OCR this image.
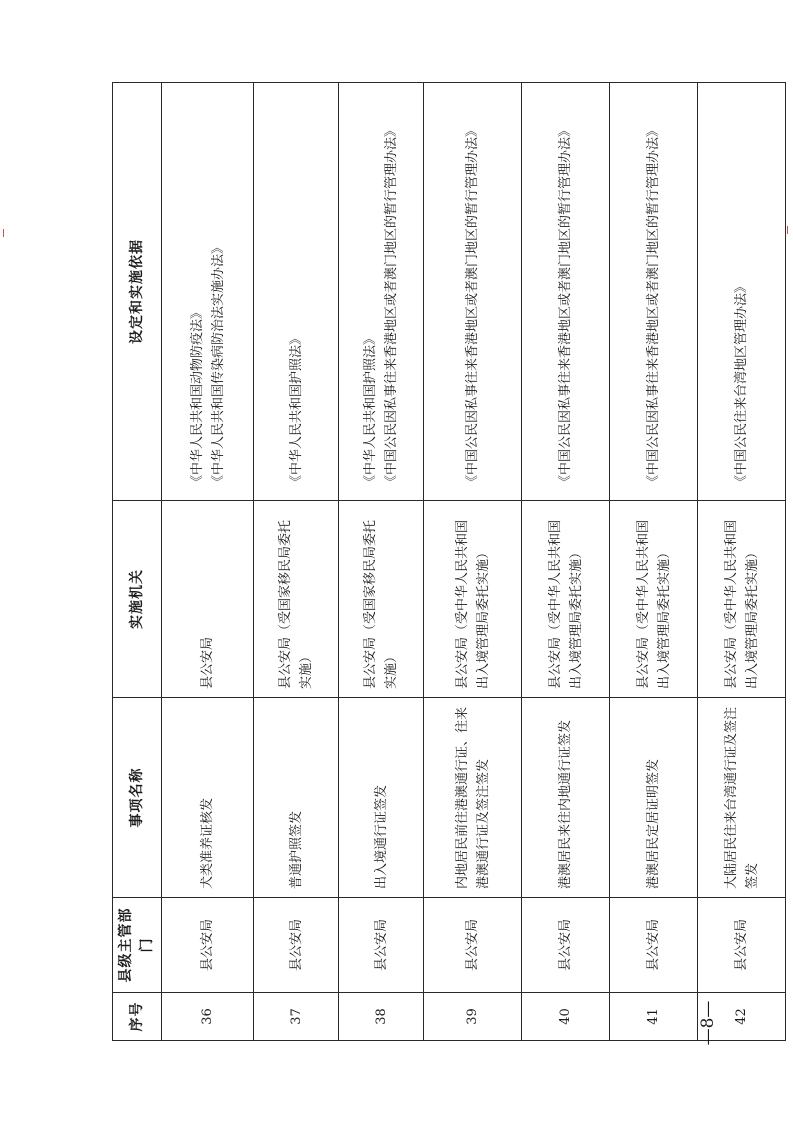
序号	县级主管部门	事项名称	实施机关	设定和实施依据
36	县公安局	犬类准养证核发	县公安局	《中华人民共和国动物防疫法》 《中华人民共和国传染病防治法实施办法》

37	县公安局	普通护照签发	县公安局（受国家移民局委托实施）	《中华人民共和国护照法》

38	县公安局	出入境通行证签发	县公安局（受国家移民局委托实施）	《中华人民共和国护照法》 《中国公民因私事往来香港地区或者澳门地区的暂行管理办法》

39	县公安局	内地居民前往港澳通行证、往来港澳通行证及签注签发	县公安局（受中华人民共和国出入境管理局委托实施）	《中国公民因私事往来香港地区或者澳门地区的暂行管理办法》

40	县公安局	港澳居民来往内地通行证签发	县公安局（受中华人民共和国出入境管理局委托实施）	《中国公民因私事往来香港地区或者澳门地区的暂行管理办法》

41	县公安局	港澳居民定居证明签发	县公安局（受中华人民共和国出入境管理局委托实施）	《中国公民因私事往来香港地区或者澳门地区的暂行管理办法》

42	县公安局	大陆居民往来台湾通行证及签注签发	县公安局（受中华人民共和国出入境管理局委托实施）	《中国公民往来台湾地区管理办法》
—8—
